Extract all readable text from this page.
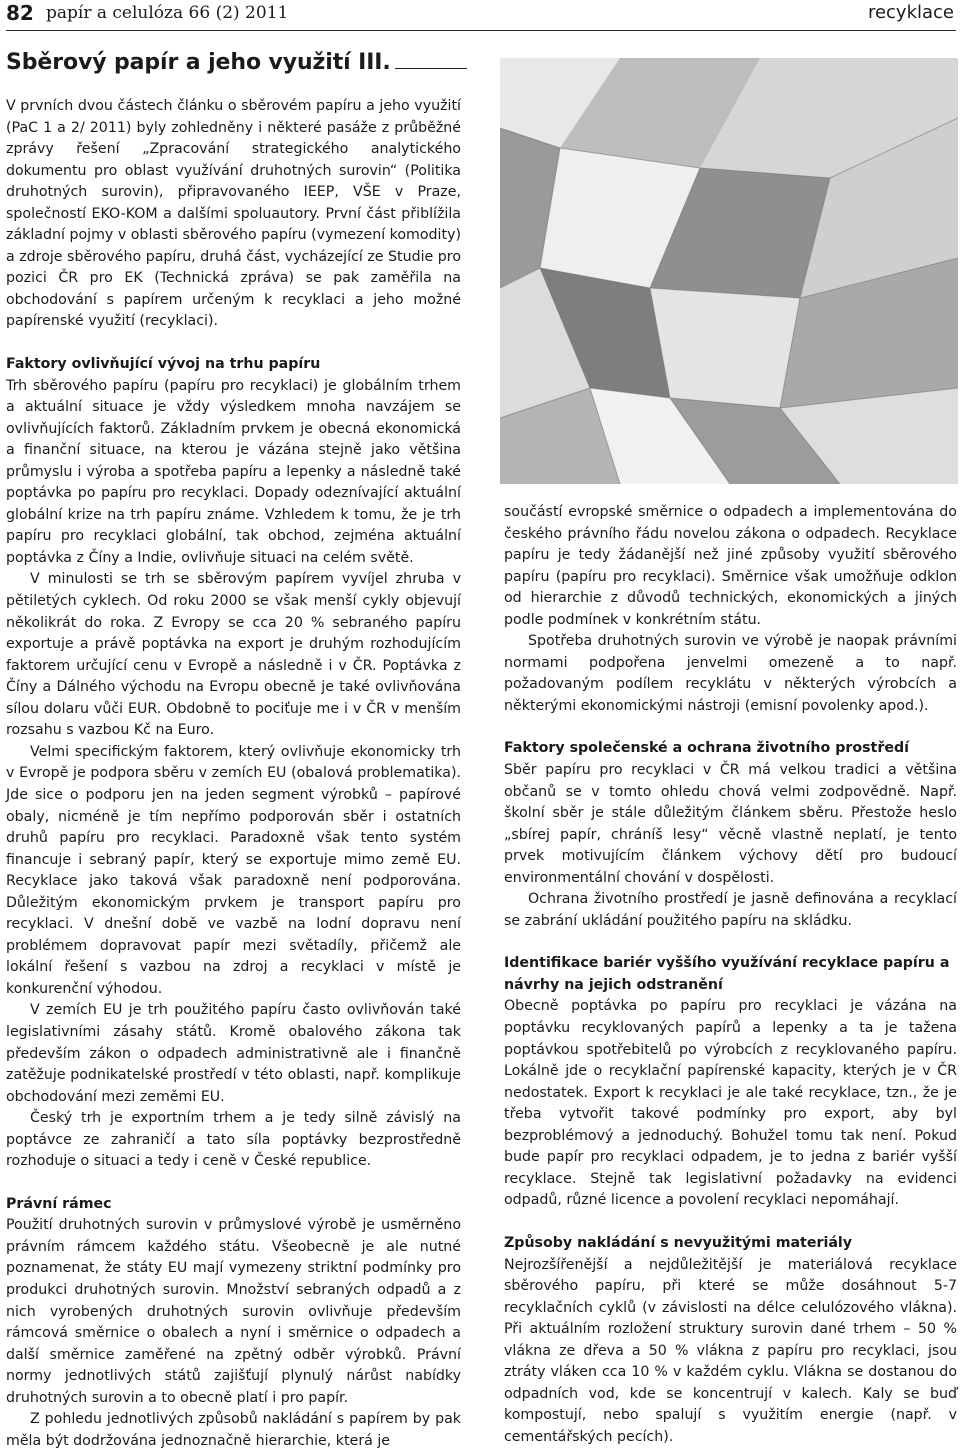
82 papír a celulóza 66 (2) 2011	recyklace
Sběrový papír a jeho využití III.

V prvních dvou částech článku o sběrovém papíru a jeho využití (PaC 1 a 2/ 2011) byly zohledněny i některé pasáže z průběžné zprávy řešení „Zpracování strategického analytického dokumentu pro oblast využívání druhotných surovin“ (Politika druhotných surovin), připravovaného IEEP, VŠE v Praze, společností EKO-KOM a dalšími spoluautory. První část přiblížila základní pojmy v oblasti sběrového papíru (vymezení komodity) a zdroje sběrového papíru, druhá část, vycházející ze Studie pro pozici ČR pro EK (Technická zpráva) se pak zaměřila na obchodování s papírem určeným k recyklaci a jeho možné papírenské využití (recyklaci).

Faktory ovlivňující vývoj na trhu papíru

Trh sběrového papíru (papíru pro recyklaci) je globálním trhem a aktuální situace je vždy výsledkem mnoha navzájem se ovlivňujících faktorů. Základním prvkem je obecná ekonomická a finanční situace, na kterou je vázána stejně jako většina průmyslu i výroba a spotřeba papíru a lepenky a následně také poptávka po papíru pro recyklaci. Dopady odeznívající aktuální globální krize na trh papíru známe. Vzhledem k tomu, že je trh papíru pro recyklaci globální, tak obchod, zejména aktuální poptávka z Číny a Indie, ovlivňuje situaci na celém světě.

V minulosti se trh se sběrovým papírem vyvíjel zhruba v pětiletých cyklech. Od roku 2000 se však menší cykly objevují několikrát do roka. Z Evropy se cca 20 % sebraného papíru exportuje a právě poptávka na export je druhým rozhodujícím faktorem určující cenu v Evropě a následně i v ČR. Poptávka z Číny a Dálného východu na Evropu obecně je také ovlivňována sílou dolaru vůči EUR. Obdobně to pociťuje me i v ČR v menším rozsahu s vazbou Kč na Euro.

Velmi specifickým faktorem, který ovlivňuje ekonomicky trh v Evropě je podpora sběru v zemích EU (obalová problematika). Jde sice o podporu jen na jeden segment výrobků – papírové obaly, nicméně je tím nepřímo podporován sběr i ostatních druhů papíru pro recyklaci. Paradoxně však tento systém financuje i sebraný papír, který se exportuje mimo země EU. Recyklace jako taková však paradoxně není podporována. Důležitým ekonomickým prvkem je transport papíru pro recyklaci. V dnešní době ve vazbě na lodní dopravu není problémem dopravovat papír mezi světadíly, přičemž ale lokální řešení s vazbou na zdroj a recyklaci v místě je konkurenční výhodou.

V zemích EU je trh použitého papíru často ovlivňován také legislativními zásahy států. Kromě obalového zákona tak především zákon o odpadech administrativně ale i finančně zatěžuje podnikatelské prostředí v této oblasti, např. komplikuje obchodování mezi zeměmi EU.

Český trh je exportním trhem a je tedy silně závislý na poptávce ze zahraničí a tato síla poptávky bezprostředně rozhoduje o situaci a tedy i ceně v České republice.

Právní rámec

Použití druhotných surovin v průmyslové výrobě je usměrněno právním rámcem každého státu. Všeobecně je ale nutné poznamenat, že státy EU mají vymezeny striktní podmínky pro produkci druhotných surovin. Množství sebraných odpadů a z nich vyrobených druhotných surovin ovlivňuje především rámcová směrnice o obalech a nyní i směrnice o odpadech a další směrnice zaměřené na zpětný odběr výrobků. Právní normy jednotlivých států zajišťují plynulý nárůst nabídky druhotných surovin a to obecně platí i pro papír.

Z pohledu jednotlivých způsobů nakládání s papírem by pak měla být dodržována jednoznačně hierarchie, která je

součástí evropské směrnice o odpadech a implementována do českého právního řádu novelou zákona o odpadech. Recyklace papíru je tedy žádanější než jiné způsoby využití sběrového papíru (papíru pro recyklaci). Směrnice však umožňuje odklon od hierarchie z důvodů technických, ekonomických a jiných podle podmínek v konkrétním státu.

Spotřeba druhotných surovin ve výrobě je naopak právními normami podpořena jenvelmi omezeně a to např. požadovaným podílem recyklátu v některých výrobcích a některými ekonomickými nástroji (emisní povolenky apod.).

Faktory společenské a ochrana životního prostředí

Sběr papíru pro recyklaci v ČR má velkou tradici a většina občanů se v tomto ohledu chová velmi zodpovědně. Např. školní sběr je stále důležitým článkem sběru. Přestože heslo „sbírej papír, chráníš lesy“ věcně vlastně neplatí, je tento prvek motivujícím článkem výchovy dětí pro budoucí environmentální chování v dospělosti.

Ochrana životního prostředí je jasně definována a recyklací se zabrání ukládání použitého papíru na skládku.

Identifikace bariér vyššího využívání recyklace papíru a návrhy na jejich odstranění

Obecně poptávka po papíru pro recyklaci je vázána na poptávku recyklovaných papírů a lepenky a ta je tažena poptávkou spotřebitelů po výrobcích z recyklovaného papíru. Lokálně jde o recyklační papírenské kapacity, kterých je v ČR nedostatek. Export k recyklaci je ale také recyklace, tzn., že je třeba vytvořit takové podmínky pro export, aby byl bezproblémový a jednoduchý. Bohužel tomu tak není. Pokud bude papír pro recyklaci odpadem, je to jedna z bariér vyšší recyklace. Stejně tak legislativní požadavky na evidenci odpadů, různé licence a povolení recyklaci nepomáhají.

Způsoby nakládání s nevyužitými materiály

Nejrozšířenější a nejdůležitější je materiálová recyklace sběrového papíru, při které se může dosáhnout 5-7 recyklačních cyklů (v závislosti na délce celulózového vlákna). Při aktuálním rozložení struktury surovin dané trhem – 50 % vlákna ze dřeva a 50 % vlákna z papíru pro recyklaci, jsou ztráty vláken cca 10 % v každém cyklu. Vlákna se dostanou do odpadních vod, kde se koncentrují v kalech. Kaly se buď kompostují, nebo spalují s využitím energie (např. v cementářských pecích).
